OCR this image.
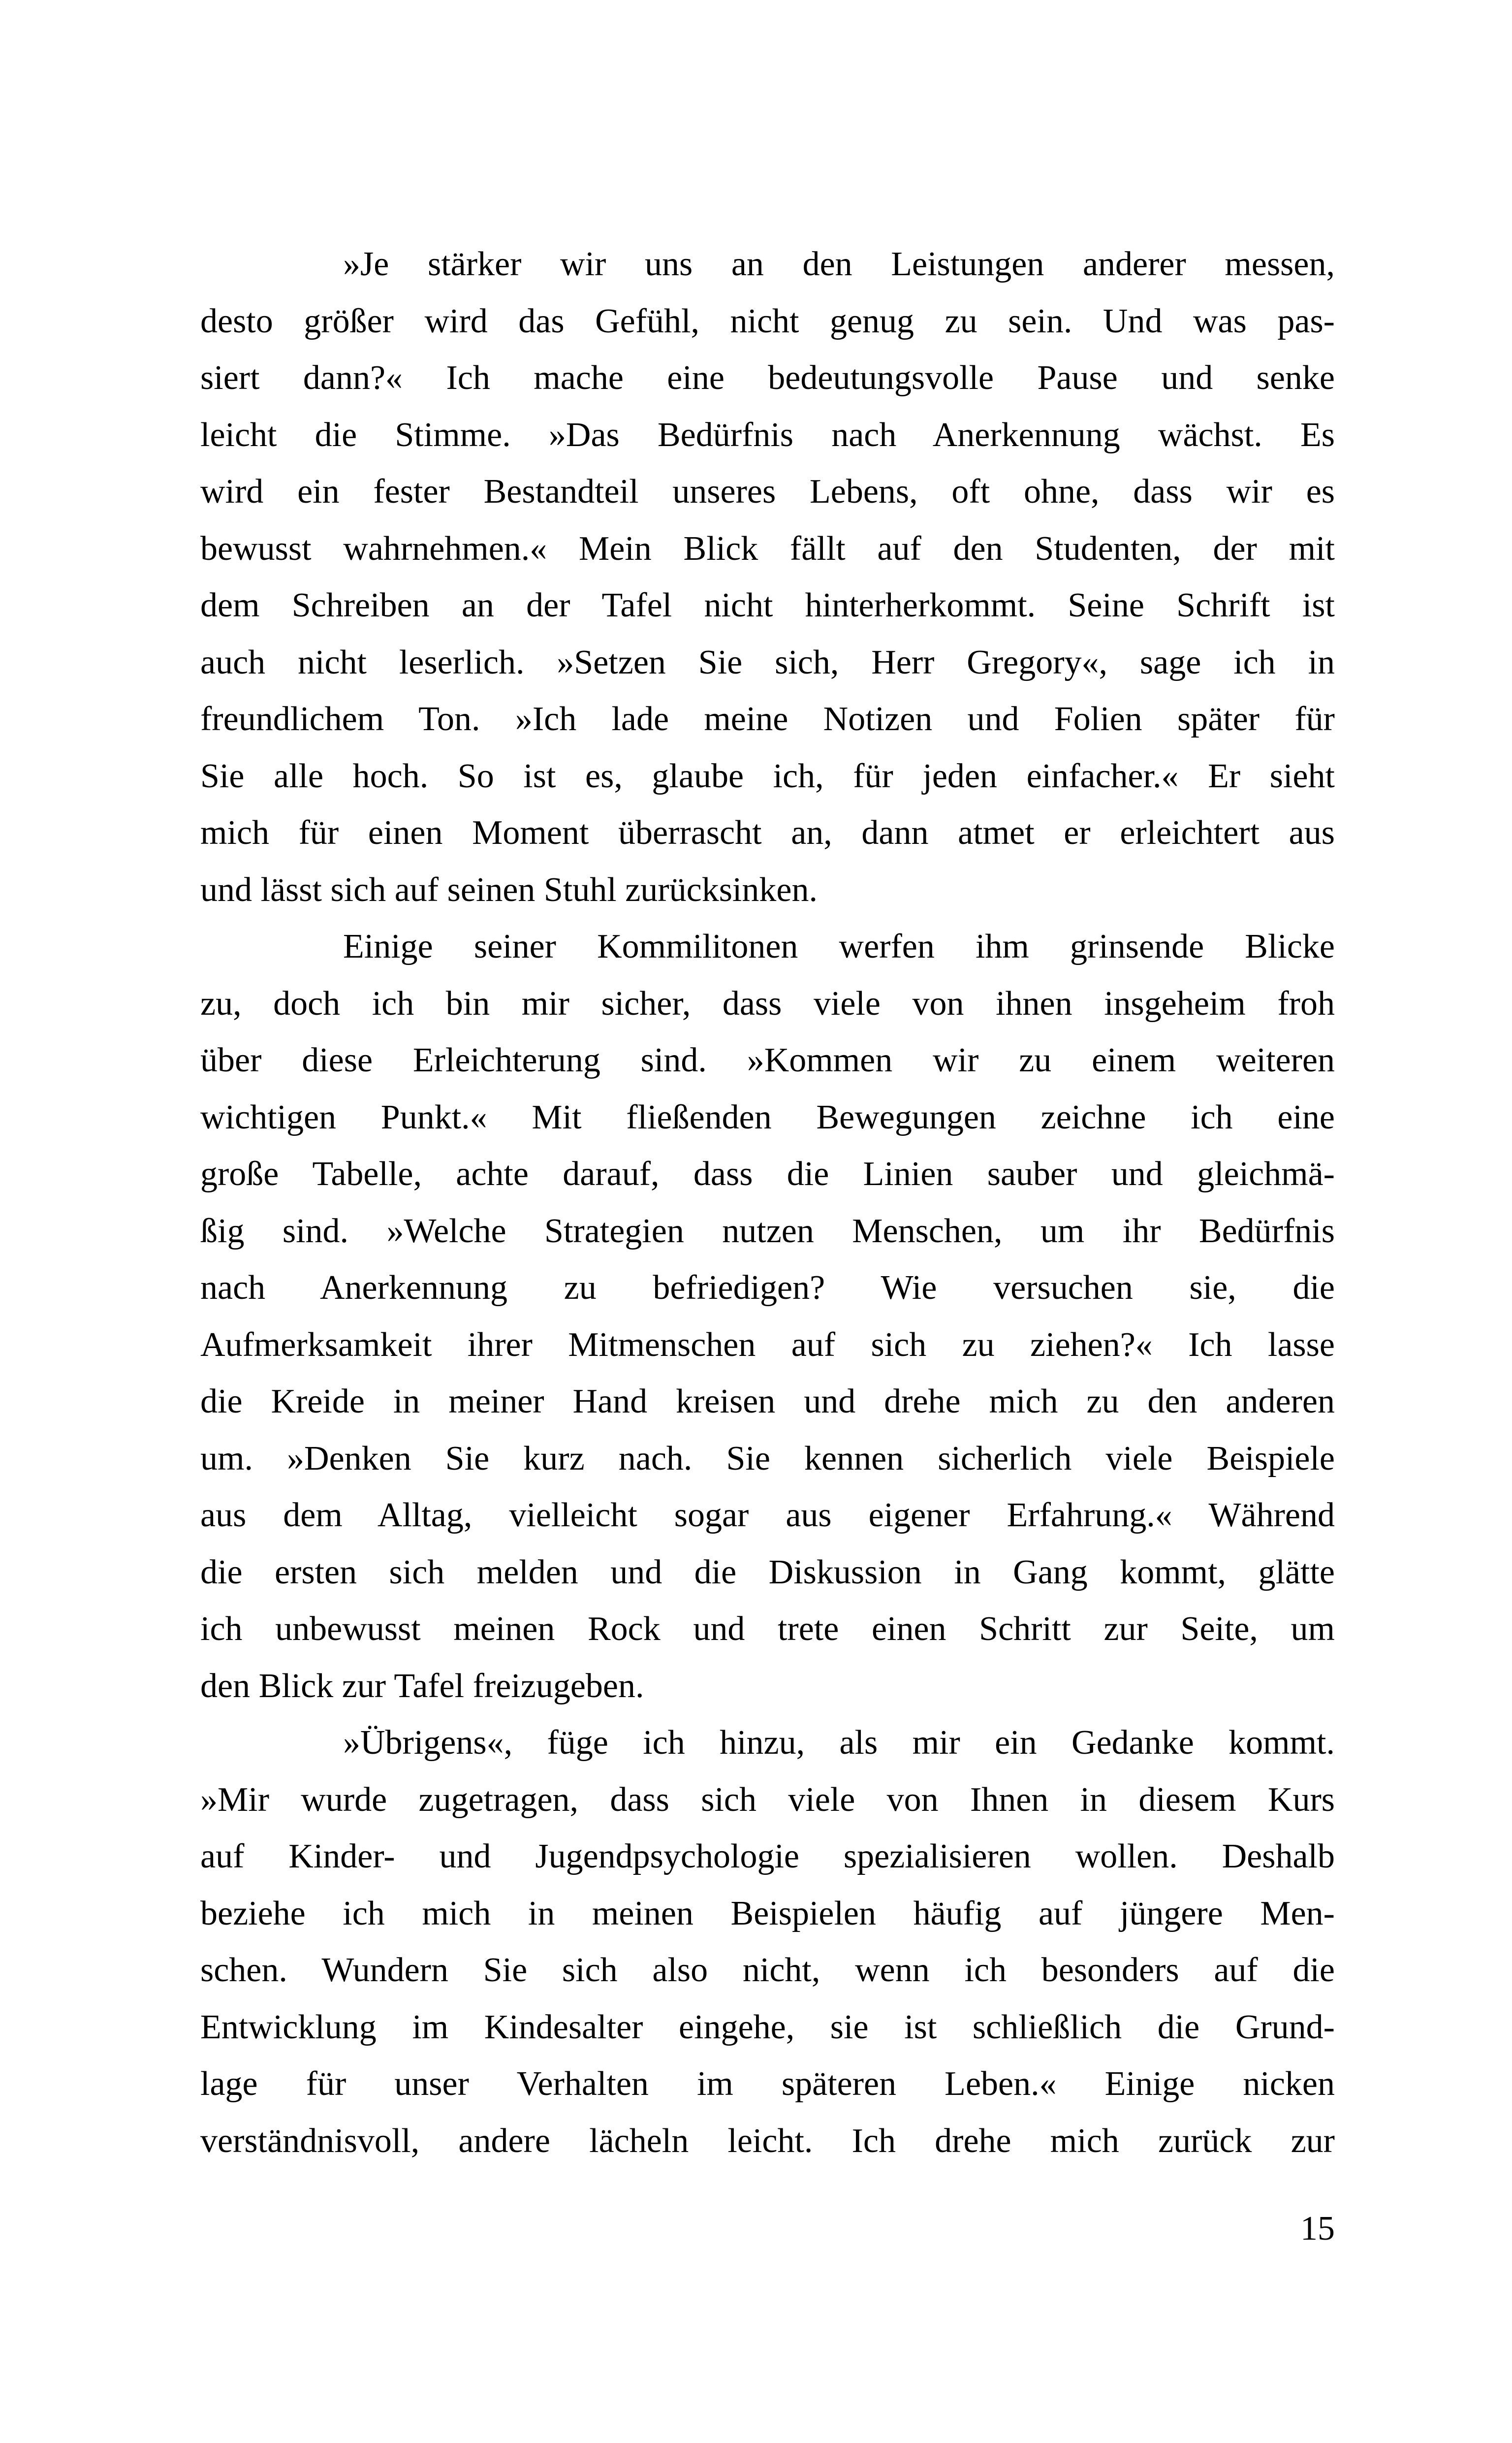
»Je stärker wir uns an den Leistungen anderer messen,
desto größer wird das Gefühl, nicht genug zu sein. Und was pas-
siert dann?« Ich mache eine bedeutungsvolle Pause und senke
leicht die Stimme. »Das Bedürfnis nach Anerkennung wächst. Es
wird ein fester Bestandteil unseres Lebens, oft ohne, dass wir es
bewusst wahrnehmen.« Mein Blick fällt auf den Studenten, der mit
dem Schreiben an der Tafel nicht hinterherkommt. Seine Schrift ist
auch nicht leserlich. »Setzen Sie sich, Herr Gregory«, sage ich in
freundlichem Ton. »Ich lade meine Notizen und Folien später für
Sie alle hoch. So ist es, glaube ich, für jeden einfacher.« Er sieht
mich für einen Moment überrascht an, dann atmet er erleichtert aus
und lässt sich auf seinen Stuhl zurücksinken.
Einige seiner Kommilitonen werfen ihm grinsende Blicke
zu, doch ich bin mir sicher, dass viele von ihnen insgeheim froh
über diese Erleichterung sind. »Kommen wir zu einem weiteren
wichtigen Punkt.« Mit fließenden Bewegungen zeichne ich eine
große Tabelle, achte darauf, dass die Linien sauber und gleichmä-
ßig sind. »Welche Strategien nutzen Menschen, um ihr Bedürfnis
nach Anerkennung zu befriedigen? Wie versuchen sie, die
Aufmerksamkeit ihrer Mitmenschen auf sich zu ziehen?« Ich lasse
die Kreide in meiner Hand kreisen und drehe mich zu den anderen
um. »Denken Sie kurz nach. Sie kennen sicherlich viele Beispiele
aus dem Alltag, vielleicht sogar aus eigener Erfahrung.« Während
die ersten sich melden und die Diskussion in Gang kommt, glätte
ich unbewusst meinen Rock und trete einen Schritt zur Seite, um
den Blick zur Tafel freizugeben.
»Übrigens«, füge ich hinzu, als mir ein Gedanke kommt.
»Mir wurde zugetragen, dass sich viele von Ihnen in diesem Kurs
auf Kinder- und Jugendpsychologie spezialisieren wollen. Deshalb
beziehe ich mich in meinen Beispielen häufig auf jüngere Men-
schen. Wundern Sie sich also nicht, wenn ich besonders auf die
Entwicklung im Kindesalter eingehe, sie ist schließlich die Grund-
lage für unser Verhalten im späteren Leben.« Einige nicken
verständnisvoll, andere lächeln leicht. Ich drehe mich zurück zur
15
